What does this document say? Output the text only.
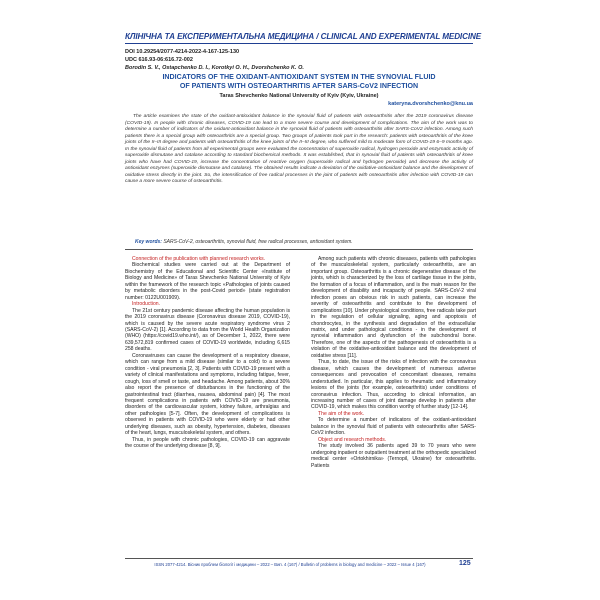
КЛІНІЧНА ТА ЕКСПЕРИМЕНТАЛЬНА МЕДИЦИНА / CLINICAL AND EXPERIMENTAL MEDICINE
DOI 10.29254/2077-4214-2022-4-167-125-130
UDC 616.93-06:616.72-002
Borodin S. V., Ostapchenko D. I., Korotkyi O. H., Dvorshchenko K. O.
INDICATORS OF THE OXIDANT-ANTIOXIDANT SYSTEM IN THE SYNOVIAL FLUID
OF PATIENTS WITH OSTEOARTHRITIS AFTER SARS-CoV2 INFECTION
Taras Shevchenko National University of Kyiv (Kyiv, Ukraine)
kateryna.dvorshchenko@knu.ua

The article examines the state of the oxidant-antioxidant balance in the synovial fluid of patients with osteoarthritis after the 2019 coronavirus disease (COVID-19). In people with chronic diseases, COVID-19 can lead to a more severe course and development of complications. The aim of the work was to determine a number of indicators of the oxidant-antioxidant balance in the synovial fluid of patients with osteoarthritis after SARS-CoV2 infection. Among such patients there is a special group with osteoarthritis are a special group. Two groups of patients took part in the research: patients with osteoarthritis of the knee joints of the II–III degree and patients with osteoarthritis of the knee joints of the II–III degree, who suffered mild to moderate form of COVID-19 6–9 months ago. In the synovial fluid of patients from all experimental groups were evaluated the concentration of superoxide radical, hydrogen peroxide and enzymatic activity of superoxide dismutase and catalase according to standard biochemical methods. It was established, that in synovial fluid of patients with osteoarthritis of knee joints who have had COVID-19, increase the concentration of reactive oxygen (superoxide radical and hydrogen peroxide) and decrease the activity of antioxidant enzymes (superoxide dismutase and catalase). The obtained results indicate a deviation of the oxidative-antioxidant balance and the development of oxidative stress directly in the joint. So, the intensification of free radical processes in the joint of patients with osteoarthritis after infection with COVID-19 can cause a more severe course of osteoarthritis.

Key words: SARS-CoV-2, osteoarthritis, synovial fluid, free radical processes, antioxidant system.

Connection of the publication with planned research works.

Biochemical studies were carried out at the Department of Biochemistry of the Educational and Scientific Center «Institute of Biology and Medicine» of Taras Shevchenko National University of Kyiv within the framework of the research topic «Pathologies of joints caused by metabolic disorders in the post-Covid period» (state registration number: 0122U001909).

Introduction.

The 21st century pandemic disease affecting the human population is the 2019 coronavirus disease (Coronavirus disease 2019, COVID-19), which is caused by the severe acute respiratory syndrome virus 2 (SARS-CoV-2) [1]. According to data from the World Health Organization (WHO) (https://covid19.who.int/), as of December 1, 2022, there were 639,572,819 confirmed cases of COVID-19 worldwide, including 6,615 258 deaths.

Coronaviruses can cause the development of a respiratory disease, which can range from a mild disease (similar to a cold) to a severe condition - viral pneumonia [2, 3]. Patients with COVID-19 present with a variety of clinical manifestations and symptoms, including fatigue, fever, cough, loss of smell or taste, and headache. Among patients, about 30% also report the presence of disturbances in the functioning of the gastrointestinal tract (diarrhea, nausea, abdominal pain) [4]. The most frequent complications in patients with COVID-19 are pneumonia, disorders of the cardiovascular system, kidney failure, arthralgias and other pathologies [5-7]. Often, the development of complications is observed in patients with COVID-19 who were elderly or had other underlying diseases, such as obesity, hypertension, diabetes, diseases of the heart, lungs, musculoskeletal system, and others.

Thus, in people with chronic pathologies, COVID-19 can aggravate the course of the underlying disease [8, 9].

Among such patients with chronic diseases, patients with pathologies of the musculoskeletal system, particularly osteoarthritis, are an important group. Osteoarthritis is a chronic degenerative disease of the joints, which is characterized by the loss of cartilage tissue in the joints, the formation of a focus of inflammation, and is the main reason for the development of disability and incapacity of people. SARS-CoV-2 viral infection poses an obvious risk in such patients, can increase the severity of osteoarthritis and contribute to the development of complications [10]. Under physiological conditions, free radicals take part in the regulation of cellular signaling, aging and apoptosis of chondrocytes, in the synthesis and degradation of the extracellular matrix, and under pathological conditions - in the development of synovial inflammation and dysfunction of the subchondral bone. Therefore, one of the aspects of the pathogenesis of osteoarthritis is a violation of the oxidative-antioxidant balance and the development of oxidative stress [11].

Thus, to date, the issue of the risks of infection with the coronavirus disease, which causes the development of numerous adverse consequences and provocation of concomitant diseases, remains understudied. In particular, this applies to rheumatic and inflammatory lesions of the joints (for example, osteoarthritis) under conditions of coronavirus infection. Thus, according to clinical information, an increasing number of cases of joint damage develop in patients after COVID-19, which makes this condition worthy of further study [12-14].

The aim of the work.

To determine a number of indicators of the oxidant-antioxidant balance in the synovial fluid of patients with osteoarthritis after SARS-CoV2 infection.

Object and research methods.

The study involved 36 patients aged 39 to 70 years who were undergoing inpatient or outpatient treatment at the orthopedic specialized medical center «Ortokhirnika» (Ternopil, Ukraine) for osteoarthritis. Patients

ISSN 2077-4214. Вісник проблем біології і медицини – 2022 – Вип. 4 (167) / Bulletin of problems in biology and medicine – 2022 – Issue 4 (167)	125
